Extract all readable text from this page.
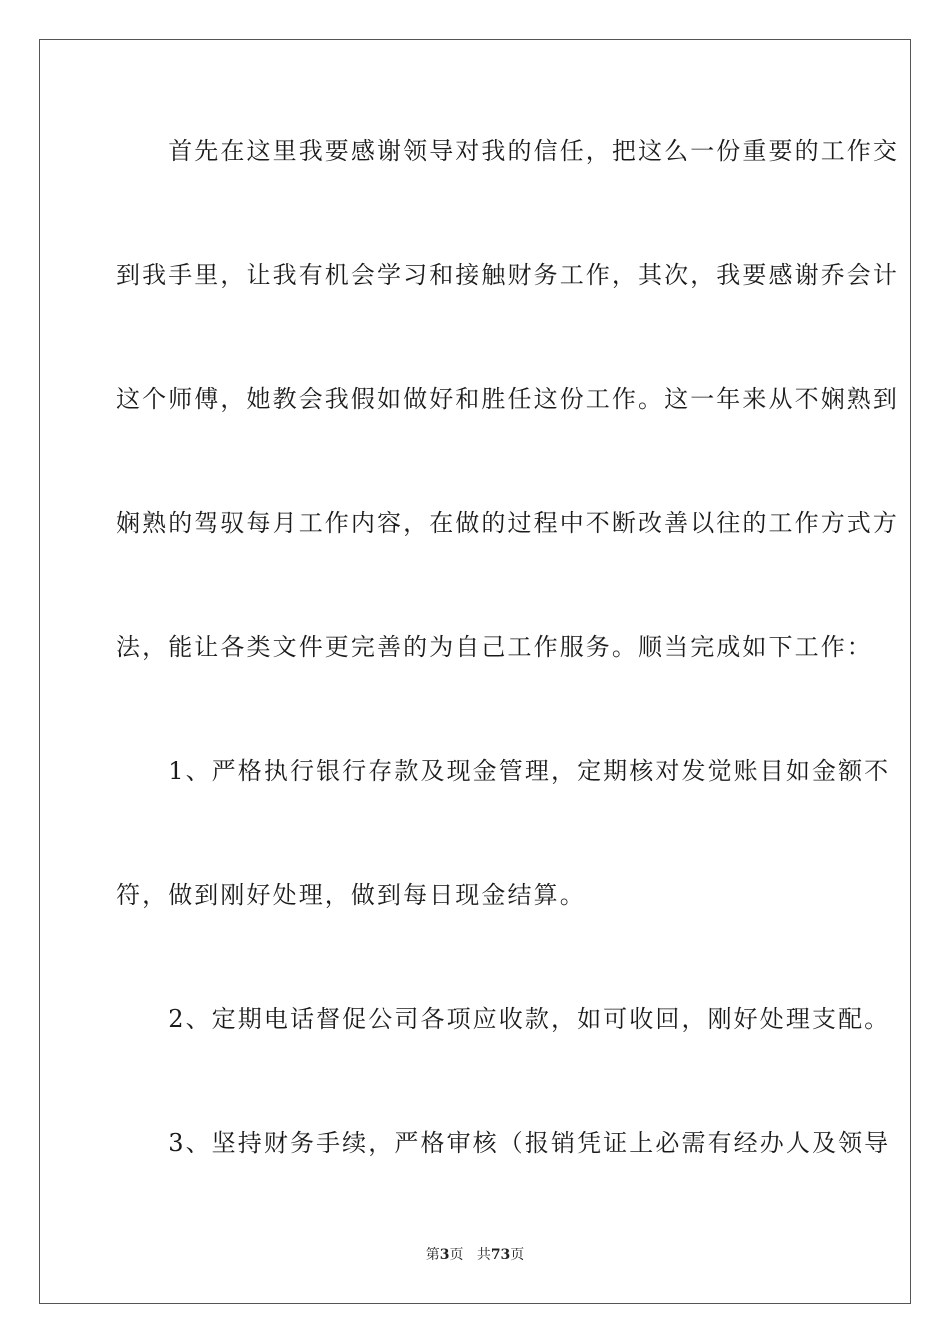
　　首先在这里我要感谢领导对我的信任，把这么一份重要的工作交
到我手里，让我有机会学习和接触财务工作，其次，我要感谢乔会计
这个师傅，她教会我假如做好和胜任这份工作。这一年来从不娴熟到
娴熟的驾驭每月工作内容，在做的过程中不断改善以往的工作方式方
法，能让各类文件更完善的为自己工作服务。顺当完成如下工作：
　　1、严格执行银行存款及现金管理，定期核对发觉账目如金额不
符，做到刚好处理，做到每日现金结算。
　　2、定期电话督促公司各项应收款，如可收回，刚好处理支配。
　　3、坚持财务手续，严格审核（报销凭证上必需有经办人及领导
第3页 共73页
